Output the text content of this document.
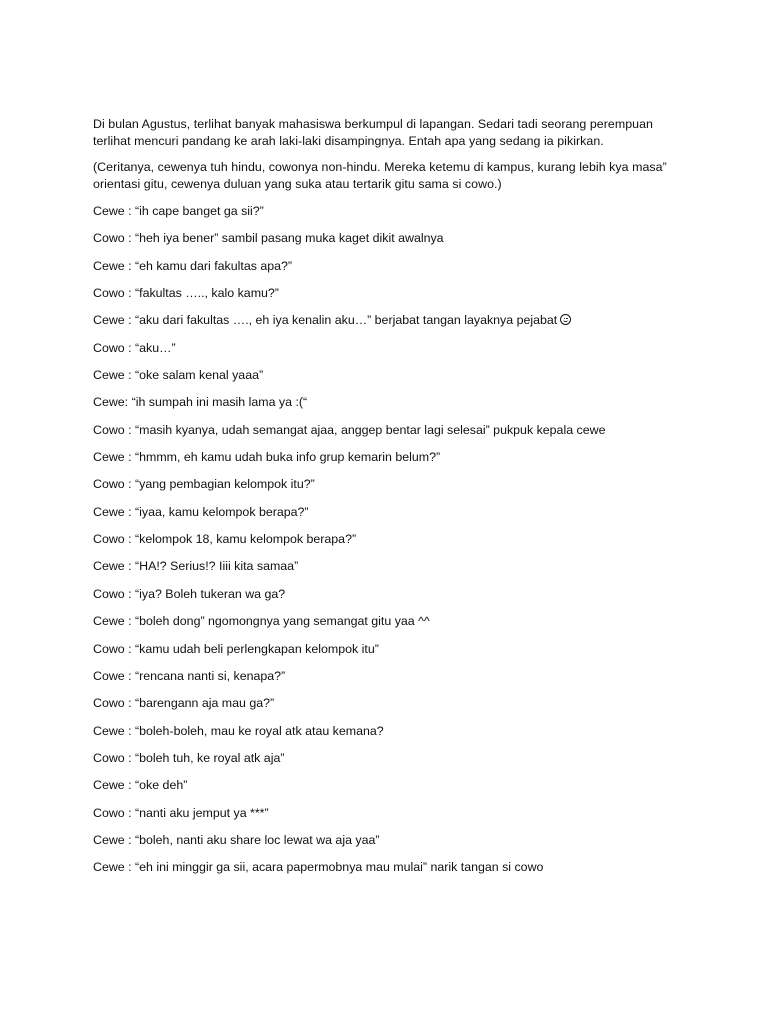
Di bulan Agustus, terlihat banyak mahasiswa berkumpul di lapangan. Sedari tadi seorang perempuan terlihat mencuri pandang ke arah laki-laki disampingnya. Entah apa yang sedang ia pikirkan.

(Ceritanya, cewenya tuh hindu, cowonya non-hindu. Mereka ketemu di kampus, kurang lebih kya masa” orientasi gitu, cewenya duluan yang suka atau tertarik gitu sama si cowo.)

Cewe : “ih cape banget ga sii?”

Cowo : “heh iya bener” sambil pasang muka kaget dikit awalnya

Cewe : “eh kamu dari fakultas apa?”

Cowo : “fakultas ….., kalo kamu?”

Cewe : “aku dari fakultas …., eh iya kenalin aku…” berjabat tangan layaknya pejabat

Cowo : “aku…”

Cewe : “oke salam kenal yaaa”

Cewe: “ih sumpah ini masih lama ya :(“

Cowo : “masih kyanya, udah semangat ajaa, anggep bentar lagi selesai” pukpuk kepala cewe

Cewe : “hmmm, eh kamu udah buka info grup kemarin belum?”

Cowo : “yang pembagian kelompok itu?”

Cewe : “iyaa, kamu kelompok berapa?”

Cowo : “kelompok 18, kamu kelompok berapa?”

Cewe : “HA!? Serius!? Iiii kita samaa”

Cowo : “iya? Boleh tukeran wa ga?

Cewe : “boleh dong” ngomongnya yang semangat gitu yaa ^^

Cowo : “kamu udah beli perlengkapan kelompok itu”

Cowe : “rencana nanti si, kenapa?”

Cowo : “barengann aja mau ga?”

Cewe : “boleh-boleh, mau ke royal atk atau kemana?

Cowo : “boleh tuh, ke royal atk aja”

Cewe : “oke deh”

Cowo : “nanti aku jemput ya ***”

Cewe : “boleh, nanti aku share loc lewat wa aja yaa”

Cewe : “eh ini minggir ga sii, acara papermobnya mau mulai” narik tangan si cowo
